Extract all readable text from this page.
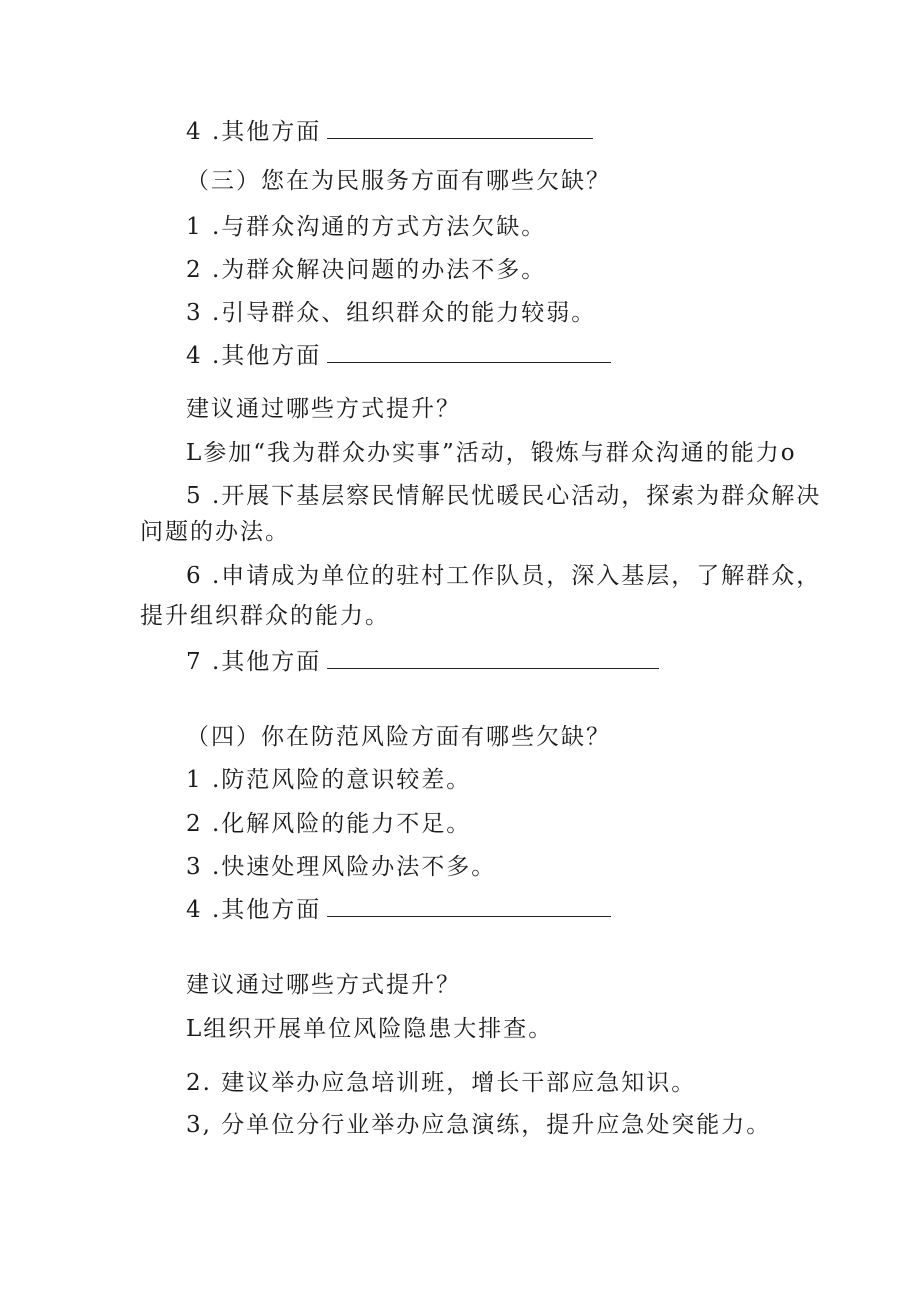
4 .其他方面
（三）您在为民服务方面有哪些欠缺？
1 .与群众沟通的方式方法欠缺。
2 .为群众解决问题的办法不多。
3 .引导群众、组织群众的能力较弱。
4 .其他方面
建议通过哪些方式提升？
L参加“我为群众办实事”活动，锻炼与群众沟通的能力o
5 .开展下基层察民情解民忧暖民心活动，探索为群众解决
问题的办法。
6 .申请成为单位的驻村工作队员，深入基层，了解群众，
提升组织群众的能力。
7 .其他方面
（四）你在防范风险方面有哪些欠缺？
1 .防范风险的意识较差。
2 .化解风险的能力不足。
3 .快速处理风险办法不多。
4 .其他方面
建议通过哪些方式提升？
L组织开展单位风险隐患大排查。
2. 建议举办应急培训班，增长干部应急知识。
3, 分单位分行业举办应急演练，提升应急处突能力。
